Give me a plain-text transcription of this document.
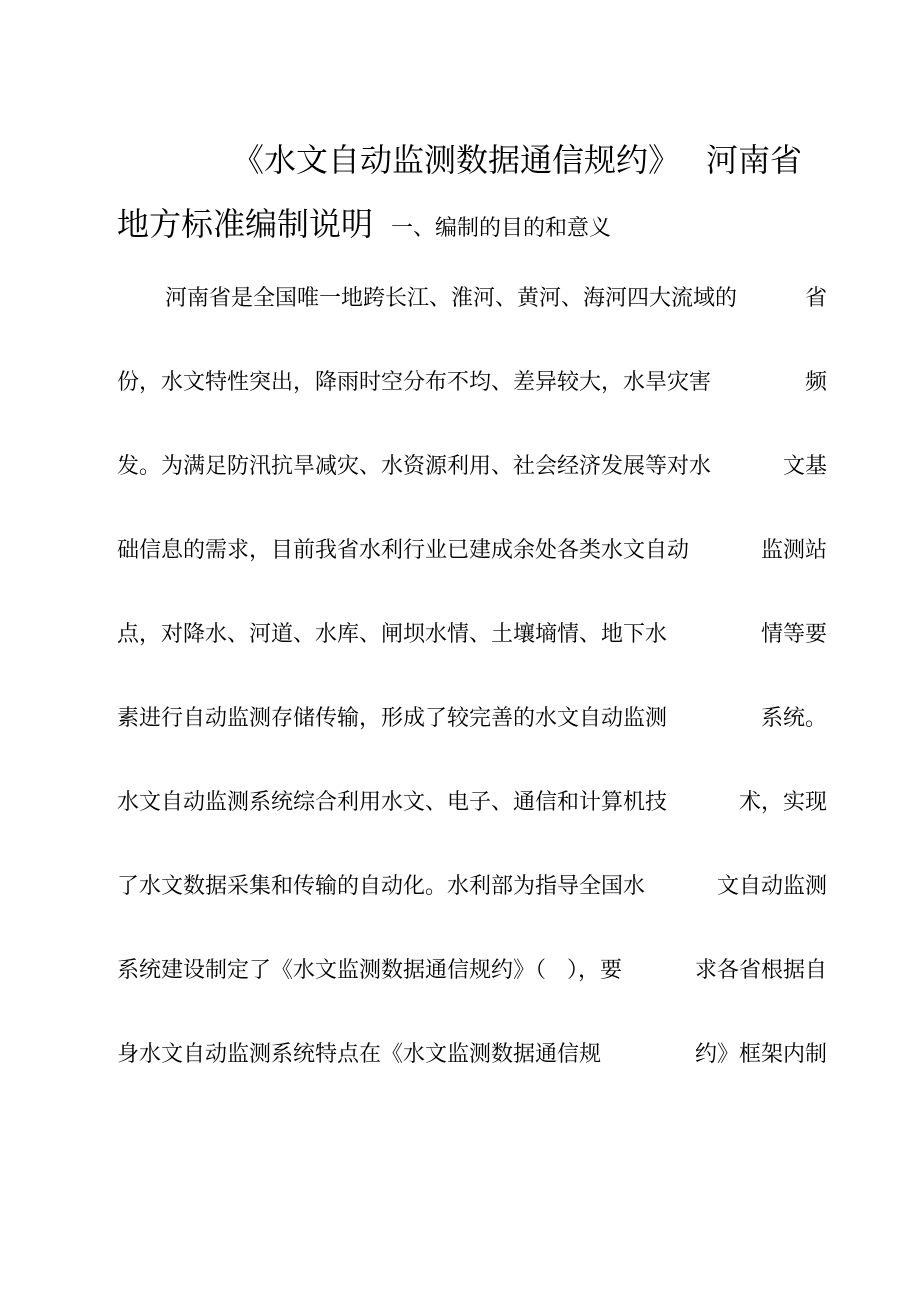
《水文自动监测数据通信规约》 河南省
地方标准编制说明 一、编制的目的和意义
河南省是全国唯一地跨长江、淮河、黄河、海河四大流域的	省
份，水文特性突出，降雨时空分布不均、差异较大，水旱灾害	频
发。为满足防汛抗旱减灾、水资源利用、社会经济发展等对水	文基
础信息的需求，目前我省水利行业已建成余处各类水文自动	监测站
点，对降水、河道、水库、闸坝水情、土壤墒情、地下水	情等要
素进行自动监测存储传输，形成了较完善的水文自动监测	系统。
水文自动监测系统综合利用水文、电子、通信和计算机技	术，实现
了水文数据采集和传输的自动化。水利部为指导全国水	文自动监测
系统建设制定了《水文监测数据通信规约》（   ），要	求各省根据自
身水文自动监测系统特点在《水文监测数据通信规	约》框架内制
